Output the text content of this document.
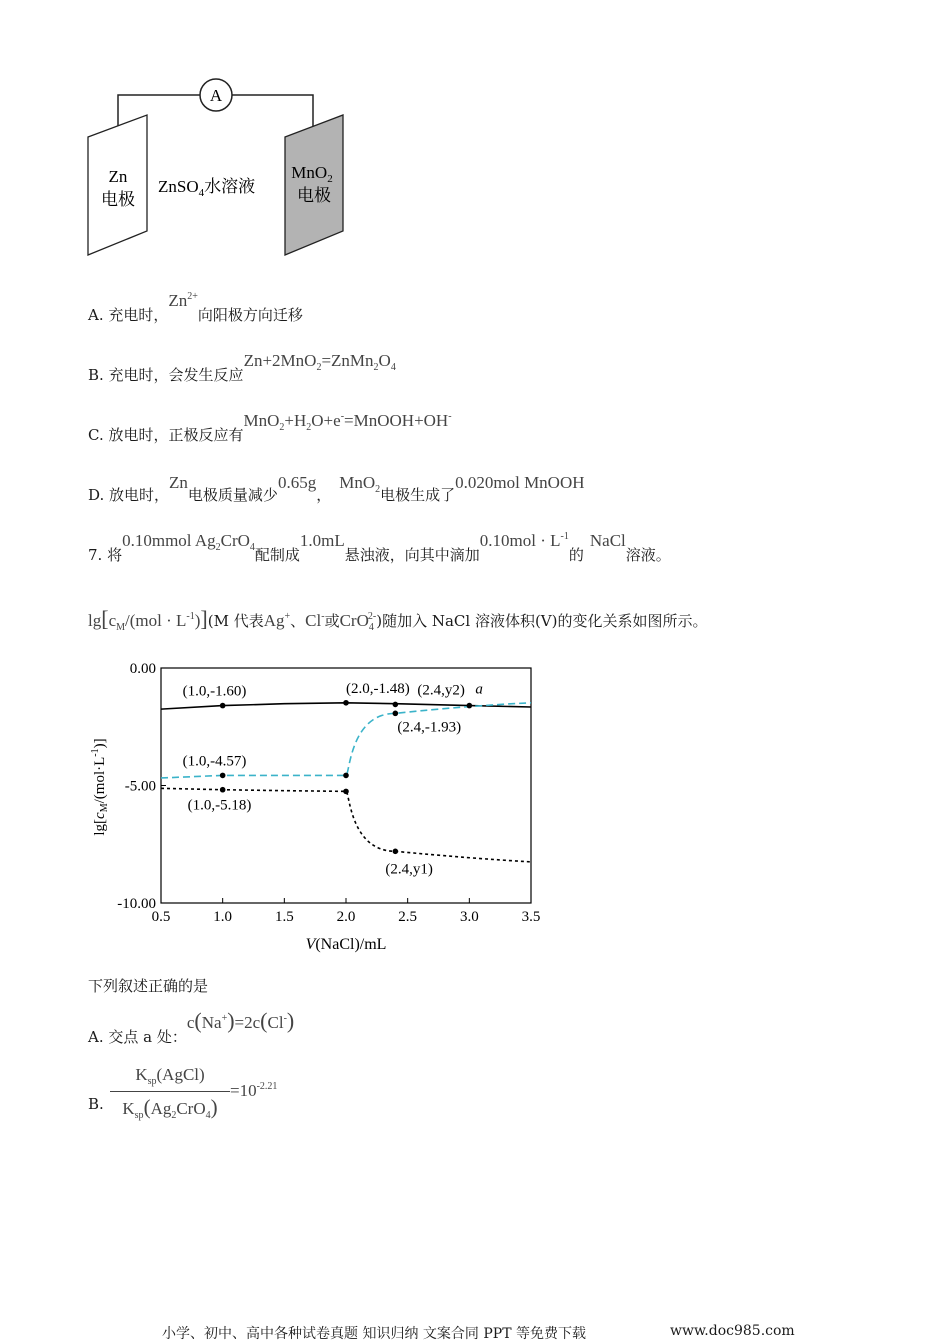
A
Zn
电极
MnO$_2$
电极
ZnSO$_4$水溶液
A. 充电时，$Zn^{2+}$向阳极方向迁移
B. 充电时，会发生反应$Zn+2MnO_2=ZnMn_2O_4$
C. 放电时，正极反应有$MnO_2+H_2O+e^-=MnOOH+OH^-$
D. 放电时，Zn电极质量减少0.65g，MnO$_2$电极生成了0.020mol MnOOH
7. 将0.10mmol $Ag_2CrO_4$配制成1.0mL悬浊液，向其中滴加$0.10mol \cdot L^{-1}$的NaCl溶液。
$\lg[c_M/(mol \cdot L^{-1})](M$ 代表Ag+、Cl-或CrO$_4^{2-}$)随加入 NaCl 溶液体积(V)的变化关系如图所示。
0.5	1.0	1.5	2.0	2.5	3.0	3.5
0.00
-5.00
-10.00
(1.0,-1.60)	(2.0,-1.48) (2.4,y2) a
(2.4,-1.93)
(1.0,-4.57)
(1.0,-5.18)
(2.4,y1)
V(NaCl)/mL
$\lg[c_M/(mol\cdot L^{-1})]$
下列叙述正确的是
A. 交点 a 处：c(Na+)=2c(Cl-)
B.
$K_{sp}(AgCl)$
$K_{sp}(Ag_2CrO_4)$
$=10^{-2.21}$
小学、初中、高中各种试卷真题 知识归纳 文案合同 PPT 等免费下载	www.doc985.com
